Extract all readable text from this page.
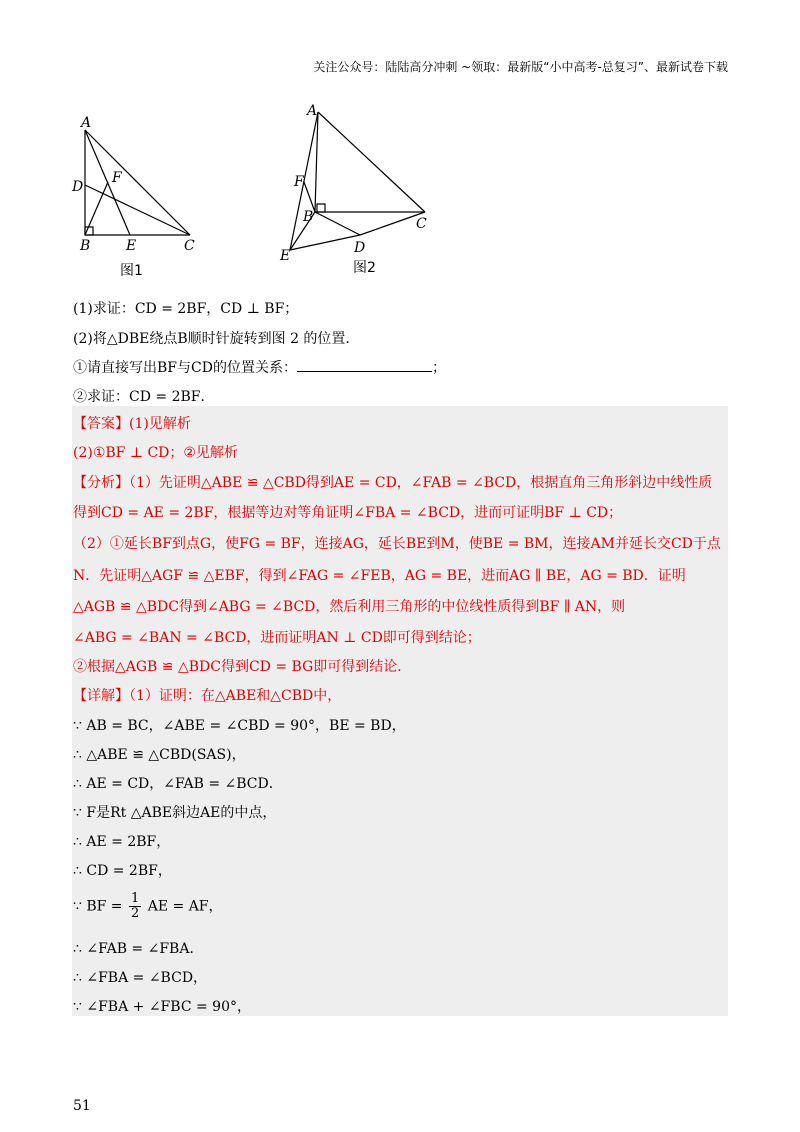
关注公众号：陆陆高分冲刺 ~领取：最新版“小中高考-总复习”、最新试卷下载
A
D
F
B	E	C
图1
A
F
B	C
D
E
图2
(1)求证：CD = 2BF，CD ⊥ BF；
(2)将△DBE绕点B顺时针旋转到图 2 的位置．
①请直接写出BF与CD的位置关系：	；
②求证：CD = 2BF．
【答案】(1)见解析
(2)①BF ⊥ CD；②见解析
【分析】（1）先证明△ABE ≌ △CBD得到AE = CD，∠FAB = ∠BCD，根据直角三角形斜边中线性质
得到CD = AE = 2BF，根据等边对等角证明∠FBA = ∠BCD，进而可证明BF ⊥ CD；
（2）①延长BF到点G，使FG = BF，连接AG，延长BE到M，使BE = BM，连接AM并延长交CD于点
N．先证明△AGF ≌ △EBF，得到∠FAG = ∠FEB，AG = BE，进而AG ∥ BE，AG = BD．证明
△AGB ≌ △BDC得到∠ABG = ∠BCD，然后利用三角形的中位线性质得到BF ∥ AN，则
∠ABG = ∠BAN = ∠BCD，进而证明AN ⊥ CD即可得到结论；
②根据△AGB ≌ △BDC得到CD = BG即可得到结论．
【详解】（1）证明：在△ABE和△CBD中，
∵ AB = BC，∠ABE = ∠CBD = 90°，BE = BD，
∴ △ABE ≌ △CBD(SAS)，
∴ AE = CD，∠FAB = ∠BCD．
∵ F是Rt △ABE斜边AE的中点，
∴ AE = 2BF，
∴ CD = 2BF，
∵ BF = $\frac{1}{2}$ AE = AF，
∴ ∠FAB = ∠FBA．
∴ ∠FBA = ∠BCD，
∵ ∠FBA + ∠FBC = 90°，
51
